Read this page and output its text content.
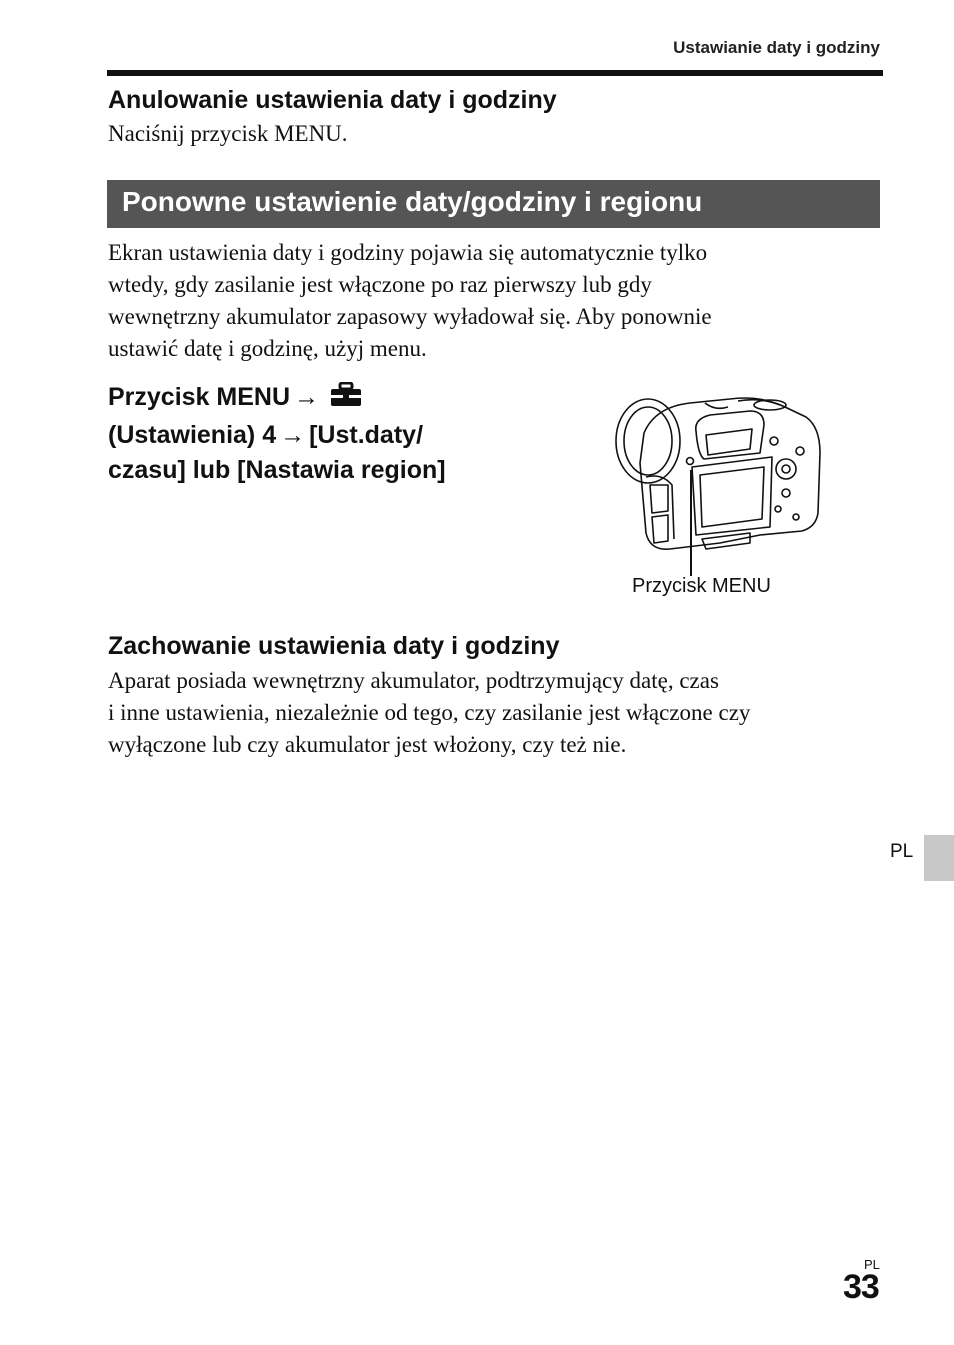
Ustawianie daty i godziny
Anulowanie ustawienia daty i godziny
Naciśnij przycisk MENU.
Ponowne ustawienie daty/godziny i regionu
Ekran ustawienia daty i godziny pojawia się automatycznie tylko
wtedy, gdy zasilanie jest włączone po raz pierwszy lub gdy
wewnętrzny akumulator zapasowy wyładował się. Aby ponownie
ustawić datę i godzinę, użyj menu.
Przycisk MENU →
(Ustawienia) 4 → [Ust.daty/
czasu] lub [Nastawia region]
Przycisk MENU
Zachowanie ustawienia daty i godziny
Aparat posiada wewnętrzny akumulator, podtrzymujący datę, czas
i inne ustawienia, niezależnie od tego, czy zasilanie jest włączone czy
wyłączone lub czy akumulator jest włożony, czy też nie.
PL
PL
33
